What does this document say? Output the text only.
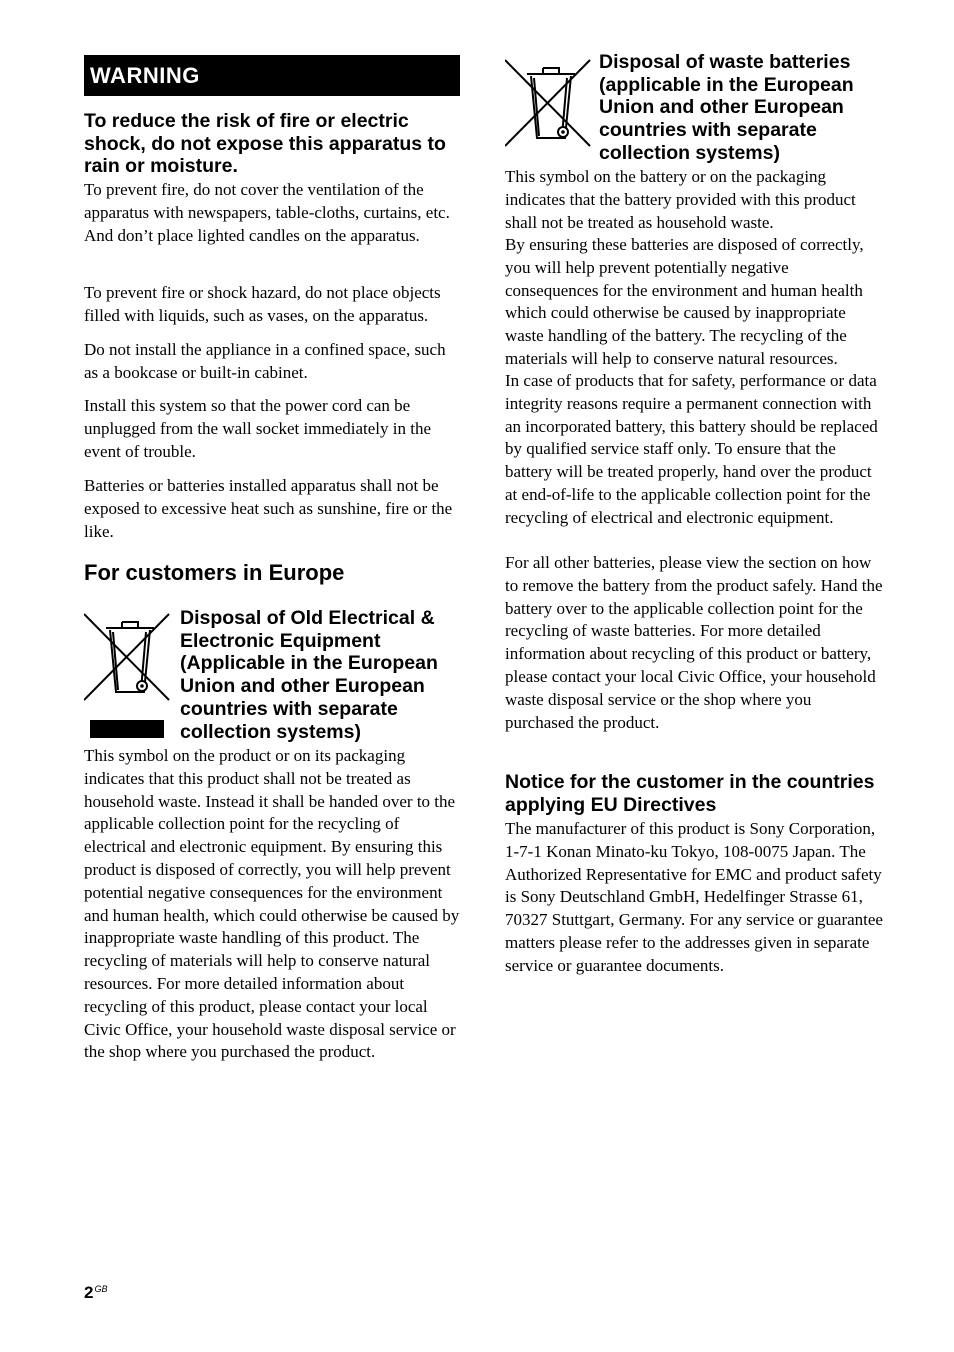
WARNING

To reduce the risk of fire or electric shock, do not expose this apparatus to rain or moisture.

To prevent fire, do not cover the ventilation of the apparatus with newspapers, table-cloths, curtains, etc. And don’t place lighted candles on the apparatus.

To prevent fire or shock hazard, do not place objects filled with liquids, such as vases, on the apparatus.

Do not install the appliance in a confined space, such as a bookcase or built-in cabinet.

Install this system so that the power cord can be unplugged from the wall socket immediately in the event of trouble.

Batteries or batteries installed apparatus shall not be exposed to excessive heat such as sunshine, fire or the like.

For customers in Europe

Disposal of Old Electrical & Electronic Equipment (Applicable in the European Union and other European countries with separate collection systems)

This symbol on the product or on its packaging indicates that this product shall not be treated as household waste. Instead it shall be handed over to the applicable collection point for the recycling of electrical and electronic equipment. By ensuring this product is disposed of correctly, you will help prevent potential negative consequences for the environment and human health, which could otherwise be caused by inappropriate waste handling of this product. The recycling of materials will help to conserve natural resources. For more detailed information about recycling of this product, please contact your local Civic Office, your household waste disposal service or the shop where you purchased the product.

Disposal of waste batteries (applicable in the European Union and other European countries with separate collection systems)

This symbol on the battery or on the packaging indicates that the battery provided with this product shall not be treated as household waste.

By ensuring these batteries are disposed of correctly, you will help prevent potentially negative consequences for the environment and human health which could otherwise be caused by inappropriate waste handling of the battery. The recycling of the materials will help to conserve natural resources.

In case of products that for safety, performance or data integrity reasons require a permanent connection with an incorporated battery, this battery should be replaced by qualified service staff only. To ensure that the battery will be treated properly, hand over the product at end-of-life to the applicable collection point for the recycling of electrical and electronic equipment.

For all other batteries, please view the section on how to remove the battery from the product safely. Hand the battery over to the applicable collection point for the recycling of waste batteries. For more detailed information about recycling of this product or battery, please contact your local Civic Office, your household waste disposal service or the shop where you purchased the product.

Notice for the customer in the countries applying EU Directives

The manufacturer of this product is Sony Corporation, 1-7-1 Konan Minato-ku Tokyo, 108-0075 Japan. The Authorized Representative for EMC and product safety is Sony Deutschland GmbH, Hedelfinger Strasse 61, 70327 Stuttgart, Germany. For any service or guarantee matters please refer to the addresses given in separate service or guarantee documents.

$2^{GB}$
